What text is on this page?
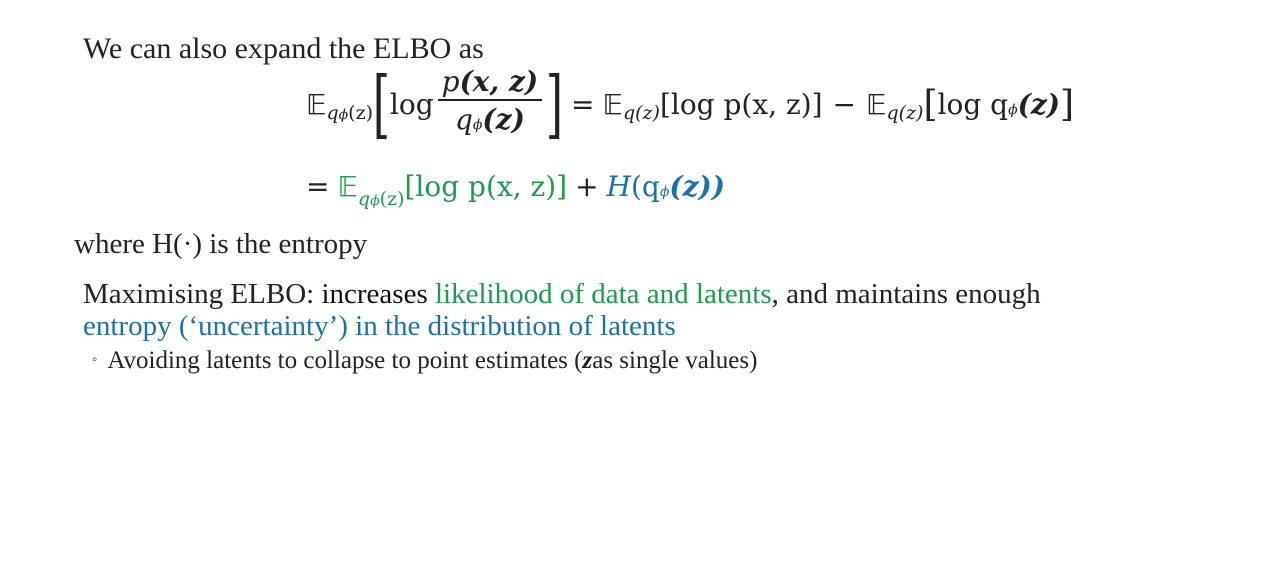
We can also expand the ELBO as
𝔼 qϕ(z) [ $\log \frac{p(x, z)}{q\phi(z)}$ ] = 𝔼 q(z) [log p(x, z)] − 𝔼 q(z) [ log qϕ(z) ]
= 𝔼$_{q\phi(z)}$[log p(x, z)] + H(qϕ(z))
where H(·) is the entropy
Maximising ELBO: increases likelihood of data and latents, and maintains enough
entropy (‘uncertainty’) in the distribution of latents
◦ Avoiding latents to collapse to point estimates ( z as single values)
